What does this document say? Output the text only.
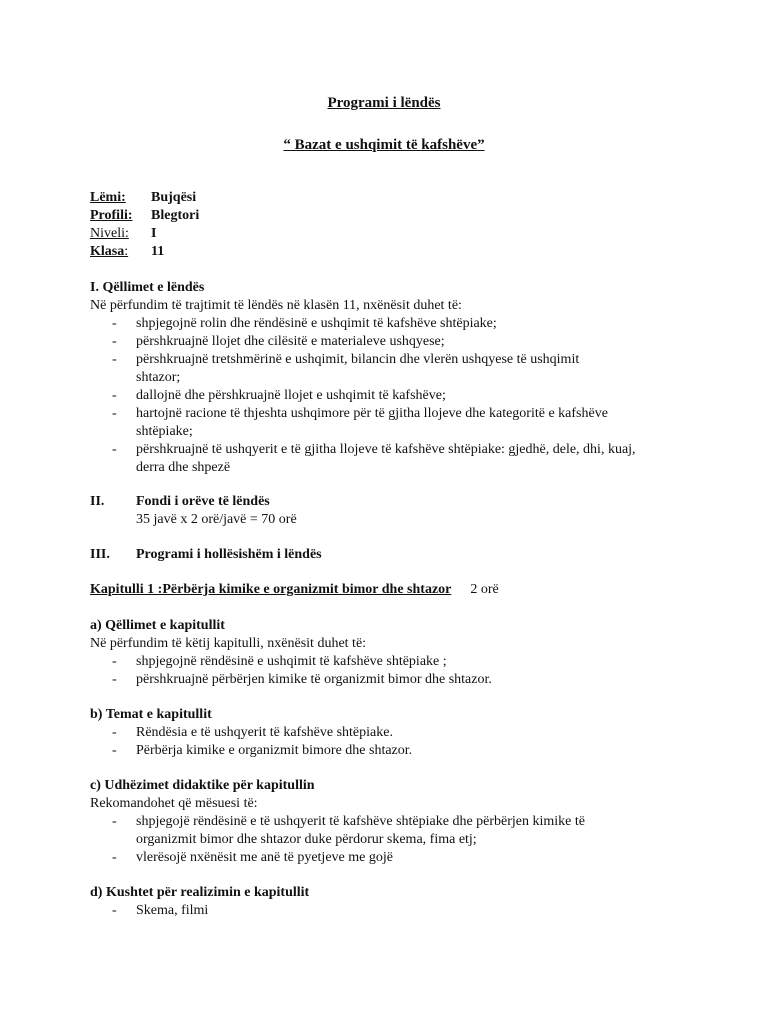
Programi i lëndës
“ Bazat e ushqimit të kafshëve”
Lëmi: Bujqësi
Profili: Blegtori
Niveli: I
Klasa: 11
I. Qëllimet e lëndës
Në përfundim të trajtimit të lëndës në klasën 11, nxënësit duhet të:
- shpjegojnë rolin dhe rëndësinë e ushqimit të kafshëve shtëpiake;
- përshkruajnë llojet dhe cilësitë e materialeve ushqyese;
- përshkruajnë tretshmërinë e ushqimit, bilancin dhe vlerën ushqyese të ushqimit
shtazor;
- dallojnë dhe përshkruajnë llojet e ushqimit të kafshëve;
- hartojnë racione të thjeshta ushqimore për të gjitha llojeve dhe kategoritë e kafshëve
shtëpiake;
- përshkruajnë të ushqyerit e të gjitha llojeve të kafshëve shtëpiake: gjedhë, dele, dhi, kuaj,
derra dhe shpezë
II. Fondi i orëve të lëndës
35 javë x 2 orë/javë = 70 orë
III. Programi i hollësishëm i lëndës
Kapitulli 1 :Përbërja kimike e organizmit bimor dhe shtazor 2 orë
a) Qëllimet e kapitullit
Në përfundim të këtij kapitulli, nxënësit duhet të:
- shpjegojnë rëndësinë e ushqimit të kafshëve shtëpiake ;
- përshkruajnë përbërjen kimike të organizmit bimor dhe shtazor.
b) Temat e kapitullit
- Rëndësia e të ushqyerit të kafshëve shtëpiake.
- Përbërja kimike e organizmit bimore dhe shtazor.
c) Udhëzimet didaktike për kapitullin
Rekomandohet që mësuesi të:
- shpjegojë rëndësinë e të ushqyerit të kafshëve shtëpiake dhe përbërjen kimike të
organizmit bimor dhe shtazor duke përdorur skema, fima etj;
- vlerësojë nxënësit me anë të pyetjeve me gojë
d) Kushtet për realizimin e kapitullit
- Skema, filmi
